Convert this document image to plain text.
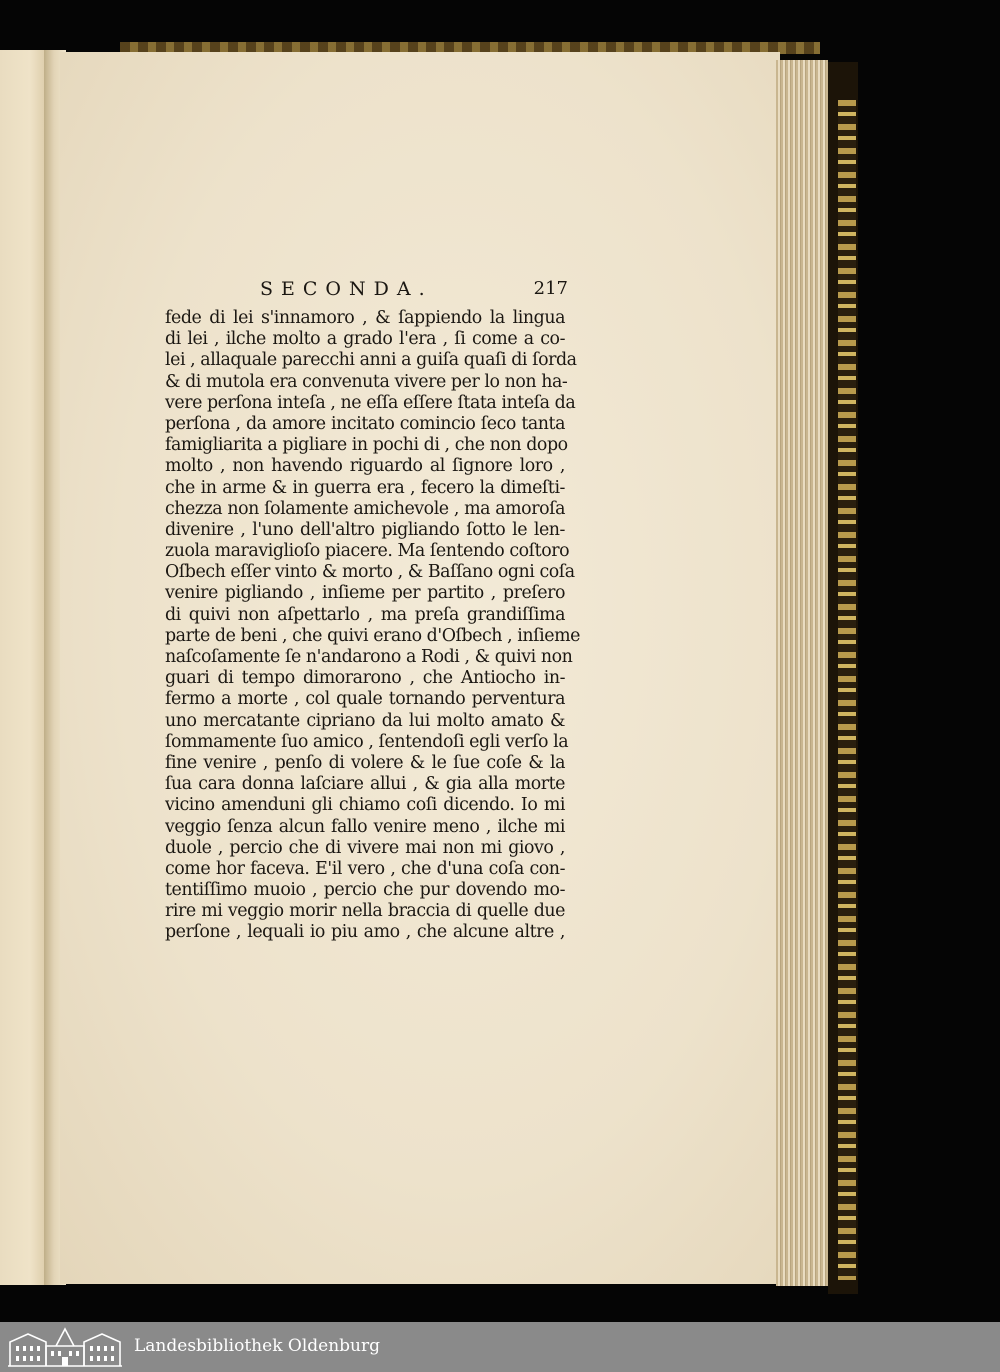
SECONDA.	217
fede di lei s'innamoro , & ſappiendo la lingua
di lei , ilche molto a grado l'era , ſi come a co-
lei , allaquale parecchi anni a guiſa quaſi di ſorda
& di mutola era convenuta vivere per lo non ha-
vere perſona inteſa , ne eſſa eſſere ſtata inteſa da
perſona , da amore incitato comincio ſeco tanta
famigliarita a pigliare in pochi di , che non dopo
molto , non havendo riguardo al ſignore loro ,
che in arme & in guerra era , fecero la dimeſti-
chezza non ſolamente amichevole , ma amoroſa
divenire , l'uno dell'altro pigliando ſotto le len-
zuola maraviglioſo piacere. Ma ſentendo coſtoro
Oſbech eſſer vinto & morto , & Baſſano ogni coſa
venire pigliando , inſieme per partito , preſero
di quivi non aſpettarlo , ma preſa grandiſſima
parte de beni , che quivi erano d'Oſbech , inſieme
naſcoſamente ſe n'andarono a Rodi , & quivi non
guari di tempo dimorarono , che Antiocho in-
fermo a morte , col quale tornando perventura
uno mercatante cipriano da lui molto amato &
ſommamente ſuo amico , ſentendoſi egli verſo la
fine venire , penſo di volere & le ſue coſe & la
ſua cara donna laſciare allui , & gia alla morte
vicino amenduni gli chiamo coſi dicendo. Io mi
veggio ſenza alcun fallo venire meno , ilche mi
duole , percio che di vivere mai non mi giovo ,
come hor faceva. E'il vero , che d'una coſa con-
tentiſſimo muoio , percio che pur dovendo mo-
rire mi veggio morir nella braccia di quelle due
perſone , lequali io piu amo , che alcune altre ,
Landesbibliothek Oldenburg
